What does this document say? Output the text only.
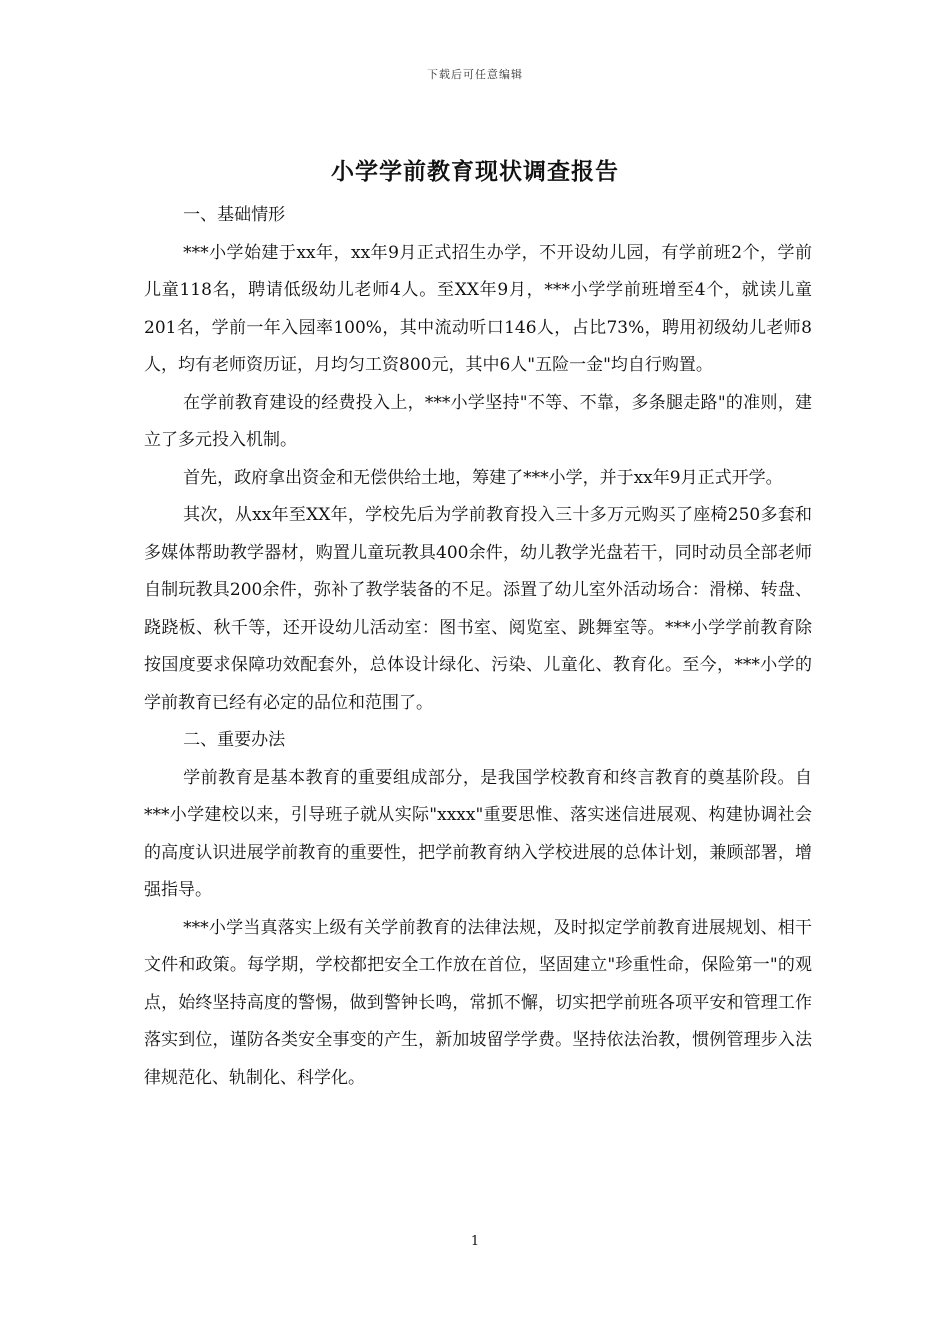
下载后可任意编辑
小学学前教育现状调查报告

一、基础情形

***小学始建于xx年，xx年9月正式招生办学，不开设幼儿园，有学前班2个，学前儿童118名，聘请低级幼儿老师4人。至XX年9月，***小学学前班增至4个，就读儿童201名，学前一年入园率100%，其中流动听口146人，占比73%，聘用初级幼儿老师8人，均有老师资历证，月均匀工资800元，其中6人"五险一金"均自行购置。

在学前教育建设的经费投入上，***小学坚持"不等、不靠，多条腿走路"的准则，建立了多元投入机制。

首先，政府拿出资金和无偿供给土地，筹建了***小学，并于xx年9月正式开学。

其次，从xx年至XX年，学校先后为学前教育投入三十多万元购买了座椅250多套和多媒体帮助教学器材，购置儿童玩教具400余件，幼儿教学光盘若干，同时动员全部老师自制玩教具200余件，弥补了教学装备的不足。添置了幼儿室外活动场合：滑梯、转盘、跷跷板、秋千等，还开设幼儿活动室：图书室、阅览室、跳舞室等。***小学学前教育除按国度要求保障功效配套外，总体设计绿化、污染、儿童化、教育化。至今，***小学的学前教育已经有必定的品位和范围了。

二、重要办法

学前教育是基本教育的重要组成部分，是我国学校教育和终言教育的奠基阶段。自***小学建校以来，引导班子就从实际"xxxx"重要思惟、落实迷信进展观、构建协调社会的高度认识进展学前教育的重要性，把学前教育纳入学校进展的总体计划，兼顾部署，增强指导。

***小学当真落实上级有关学前教育的法律法规，及时拟定学前教育进展规划、相干文件和政策。每学期，学校都把安全工作放在首位，坚固建立"珍重性命，保险第一"的观点，始终坚持高度的警惕，做到警钟长鸣，常抓不懈，切实把学前班各项平安和管理工作落实到位，谨防各类安全事变的产生，新加坡留学学费。坚持依法治教，惯例管理步入法律规范化、轨制化、科学化。

1
